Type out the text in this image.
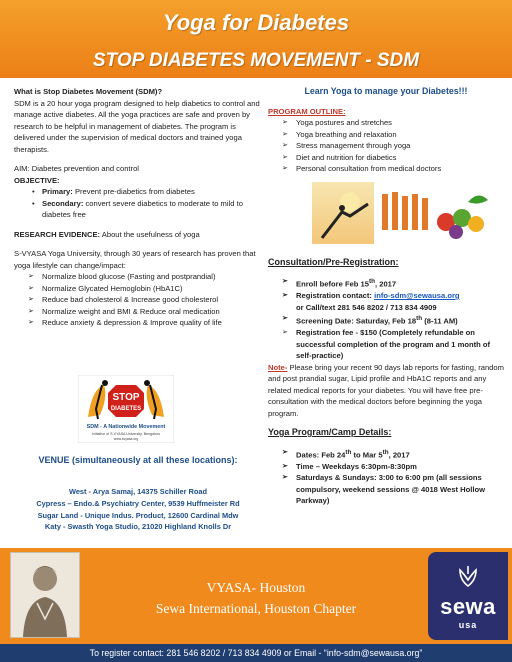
Yoga for Diabetes
STOP DIABETES MOVEMENT - SDM

What is Stop Diabetes Movement (SDM)?

SDM is a 20 hour yoga program designed to help diabetics to control and manage active diabetes. All the yoga practices are safe and proven by research to be helpful in management of diabetes. The program is delivered under the supervision of medical doctors and trained yoga therapists.

AIM: Diabetes prevention and control

OBJECTIVE:

• Primary: Prevent pre-diabetics from diabetes
• Secondary: convert severe diabetics to moderate to mild to diabetes free

RESEARCH EVIDENCE: About the usefulness of yoga

S-VYASA Yoga University, through 30 years of research has proven that yoga lifestyle can change/impact:

➢ Normalize blood glucose (Fasting and postprandial)
➢ Normalize Glycated Hemoglobin (HbA1C)
➢ Reduce bad cholesterol & Increase good cholesterol
➢ Normalize weight and BMI & Reduce oral medication
➢ Reduce anxiety & depression & Improve quality of life
STOP
DIABETES
SDM - A Nationwide Movement
Initiative of S-VYASA University, Bengaluru
www.svyasa.org
VENUE (simultaneously at all these locations):
West - Arya Samaj, 14375 Schiller Road
Cypress – Endo.& Psychiatry Center, 9539 Huffmeister Rd
Sugar Land - Unique Indus. Product, 12600 Cardinal Mdw
Katy - Swasth Yoga Studio, 21020 Highland Knolls Dr

Learn Yoga to manage your Diabetes!!!

PROGRAM OUTLINE:

➢ Yoga postures and stretches
➢ Yoga breathing and relaxation
➢ Stress management through yoga
➢ Diet and nutrition for diabetics
➢ Personal consultation from medical doctors

Consultation/Pre-Registration:

➢ Enroll before Feb 15th, 2017
➢ Registration contact: info-sdm@sewausa.org
or Call/text 281 546 8202 / 713 834 4909
➢ Screening Date: Saturday, Feb 18th (8-11 AM)
➢ Registration fee - $150 (Completely refundable on successful completion of the program and 1 month of self-practice)

Note- Please bring your recent 90 days lab reports for fasting, random and post prandial sugar, Lipid profile and HbA1C reports and any related medical reports for your diabetes. You will have free pre-consultation with the medical doctors before beginning the yoga program.

Yoga Program/Camp Details:

➢ Dates: Feb 24th to Mar 5th, 2017
➢ Time – Weekdays 6:30pm-8:30pm
➢ Saturdays & Sundays: 3:00 to 6:00 pm (all sessions compulsory, weekend sessions @ 4018 West Hollow Parkway)
VYASA- Houston
Sewa International, Houston Chapter	sewa
usa
To register contact: 281 546 8202 / 713 834 4909 or Email - “info-sdm@sewausa.org”
